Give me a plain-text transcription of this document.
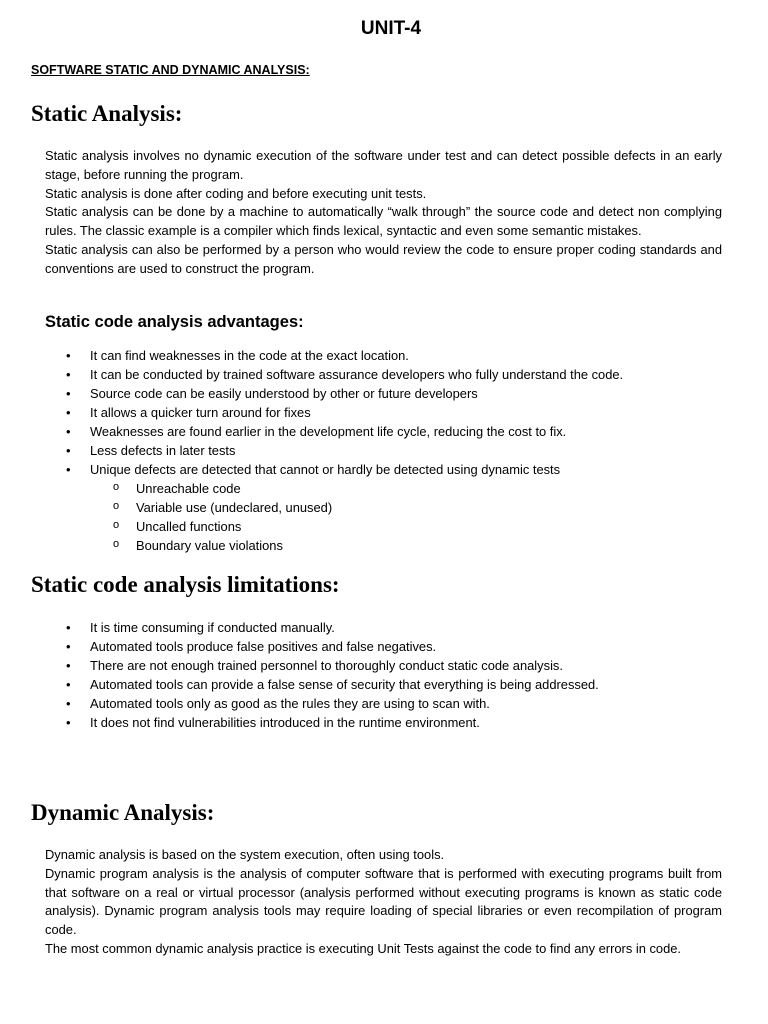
UNIT-4
SOFTWARE STATIC AND DYNAMIC ANALYSIS:
Static Analysis:

Static analysis involves no dynamic execution of the software under test and can detect possible defects in an early stage, before running the program.

Static analysis is done after coding and before executing unit tests.

Static analysis can be done by a machine to automatically “walk through” the source code and detect non complying rules. The classic example is a compiler which finds lexical, syntactic and even some semantic mistakes.

Static analysis can also be performed by a person who would review the code to ensure proper coding standards and conventions are used to construct the program.

Static code analysis advantages:
• It can find weaknesses in the code at the exact location.
• It can be conducted by trained software assurance developers who fully understand the code.
• Source code can be easily understood by other or future developers
• It allows a quicker turn around for fixes
• Weaknesses are found earlier in the development life cycle, reducing the cost to fix.
• Less defects in later tests
• Unique defects are detected that cannot or hardly be detected using dynamic tests
o Unreachable code
o Variable use (undeclared, unused)
o Uncalled functions
o Boundary value violations
Static code analysis limitations:
• It is time consuming if conducted manually.
• Automated tools produce false positives and false negatives.
• There are not enough trained personnel to thoroughly conduct static code analysis.
• Automated tools can provide a false sense of security that everything is being addressed.
• Automated tools only as good as the rules they are using to scan with.
• It does not find vulnerabilities introduced in the runtime environment.
Dynamic Analysis:

Dynamic analysis is based on the system execution, often using tools.

Dynamic program analysis is the analysis of computer software that is performed with executing programs built from that software on a real or virtual processor (analysis performed without executing programs is known as static code analysis). Dynamic program analysis tools may require loading of special libraries or even recompilation of program code.

The most common dynamic analysis practice is executing Unit Tests against the code to find any errors in code.
